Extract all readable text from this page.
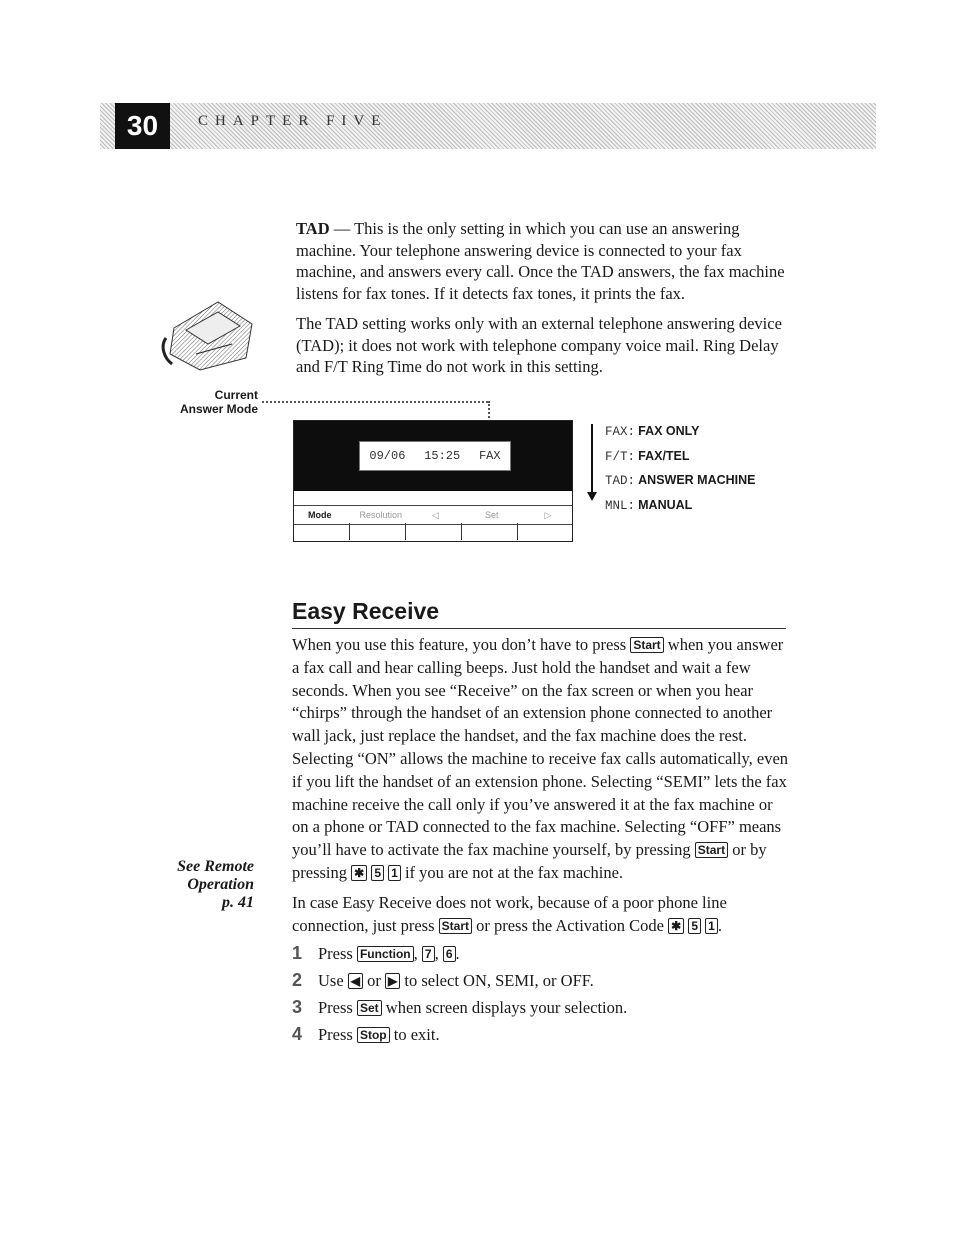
30	CHAPTER FIVE

TAD — This is the only setting in which you can use an answering machine. Your telephone answering device is connected to your fax machine, and answers every call. Once the TAD answers, the fax machine listens for fax tones. If it detects fax tones, it prints the fax.

The TAD setting works only with an external telephone answering device (TAD); it does not work with telephone company voice mail. Ring Delay and F/T Ring Time do not work in this setting.

Current
Answer Mode
09/06 15:25 FAX
Mode	Resolution	◁	Set	▷
FAX: FAX ONLY
F/T: FAX/TEL
TAD: ANSWER MACHINE
MNL: MANUAL
Easy Receive

When you use this feature, you don’t have to press Start when you answer a fax call and hear calling beeps. Just hold the handset and wait a few seconds. When you see “Receive” on the fax screen or when you hear “chirps” through the handset of an extension phone connected to another wall jack, just replace the handset, and the fax machine does the rest. Selecting “ON” allows the machine to receive fax calls automatically, even if you lift the handset of an extension phone. Selecting “SEMI” lets the fax machine receive the call only if you’ve answered it at the fax machine or on a phone or TAD connected to the fax machine. Selecting “OFF” means you’ll have to activate the fax machine yourself, by pressing Start or by pressing ✱ 5 1 if you are not at the fax machine.

In case Easy Receive does not work, because of a poor phone line connection, just press Start or press the Activation Code ✱ 5 1 .

1 Press Function , 7 , 6 .
2 Use ◀ or ▶ to select ON, SEMI, or OFF.
3 Press Set when screen displays your selection.
4 Press Stop to exit.
See Remote
Operation
p. 41
